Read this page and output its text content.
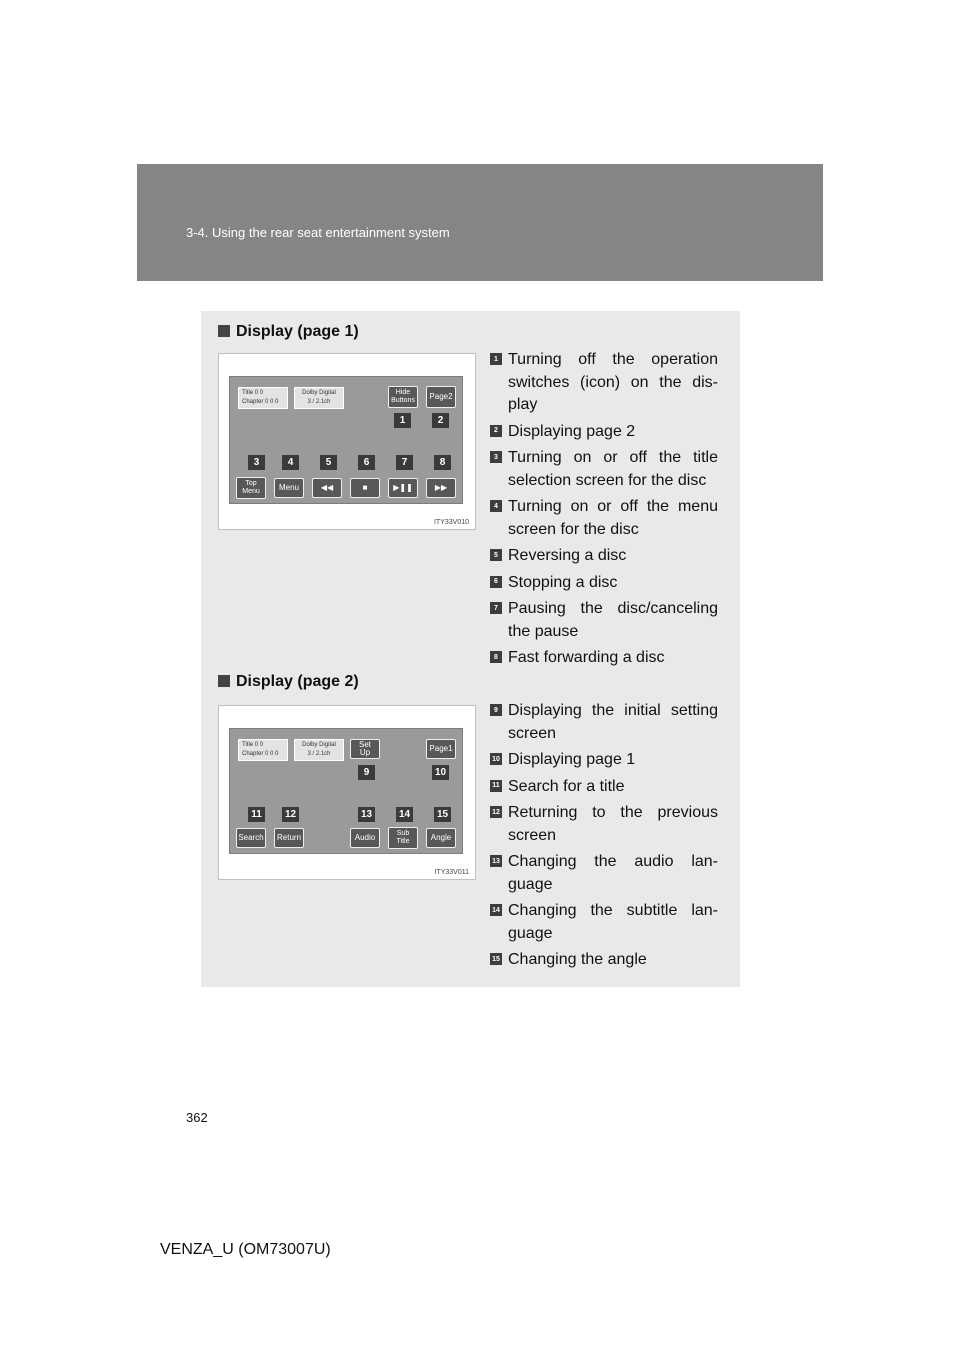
3-4. Using the rear seat entertainment system
Display (page 1)
Title 0 0
Chapter 0 0 0
Dolby Digital
3 / 2.1ch
Hide
Buttons	Page2
1	2
3	4	5	6	7	8
Top
Menu	Menu	◀◀	■	▶❚❚	▶▶
ITY33V010
1 Turning off the operation switches (icon) on the dis-play
2 Displaying page 2
3 Turning on or off the title selection screen for the disc
4 Turning on or off the menu screen for the disc
5 Reversing a disc
6 Stopping a disc
7 Pausing the disc/canceling the pause
8 Fast forwarding a disc
Display (page 2)
Title 0 0
Chapter 0 0 0
Dolby Digital
3 / 2.1ch
Set Up	Page1
9	10
11	12	13	14	15
Search	Return	Audio	Sub
Title	Angle
ITY33V011
9 Displaying the initial setting screen
10 Displaying page 1
11 Search for a title
12 Returning to the previous screen
13 Changing the audio lan-guage
14 Changing the subtitle lan-guage
15 Changing the angle
362
VENZA_U (OM73007U)
